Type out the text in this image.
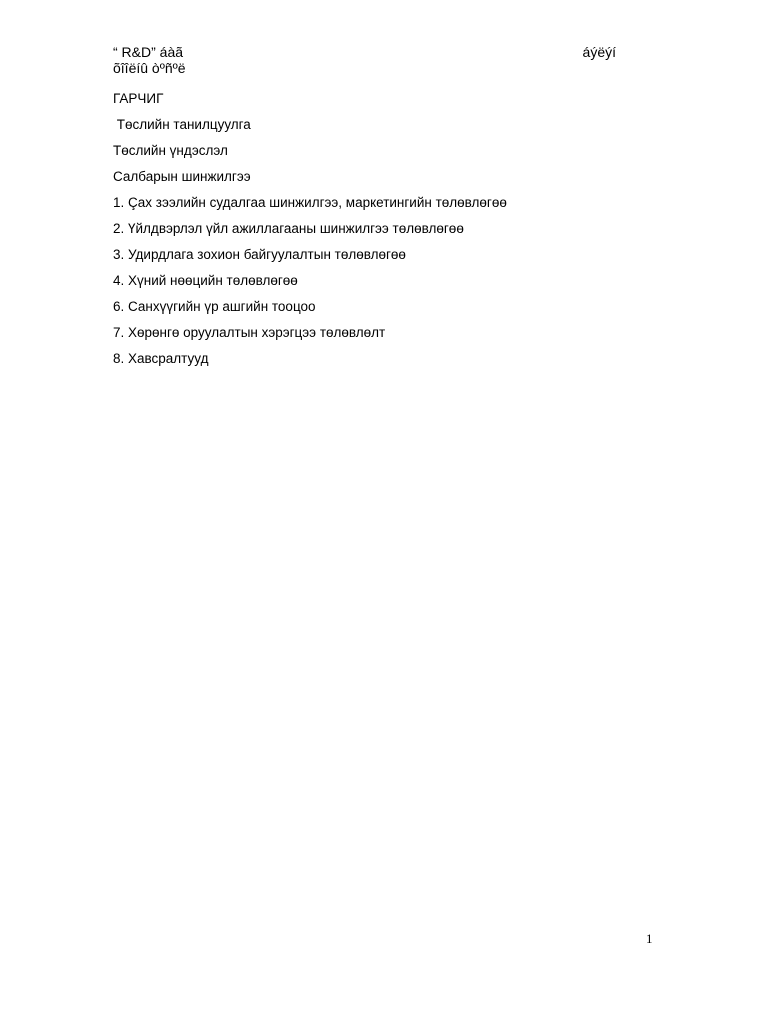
“ R&D” áàã	áýëýí
õîîëíû òºñºë
ГАРЧИГ
Төслийн танилцуулга
Төслийн үндэслэл
Салбарын шинжилгээ
1. Çах зээлийн судалгаа шинжилгээ, маркетингийн төлөвлөгөө
2. Үйлдвэрлэл үйл ажиллагааны шинжилгээ төлөвлөгөө
3. Удирдлага зохион байгуулалтын төлөвлөгөө
4. Хүний нөөцийн төлөвлөгөө
6. Санхүүгийн үр ашгийн тооцоо
7. Хөрөнгө оруулалтын хэрэгцээ төлөвлөлт
8. Хавсралтууд
1
